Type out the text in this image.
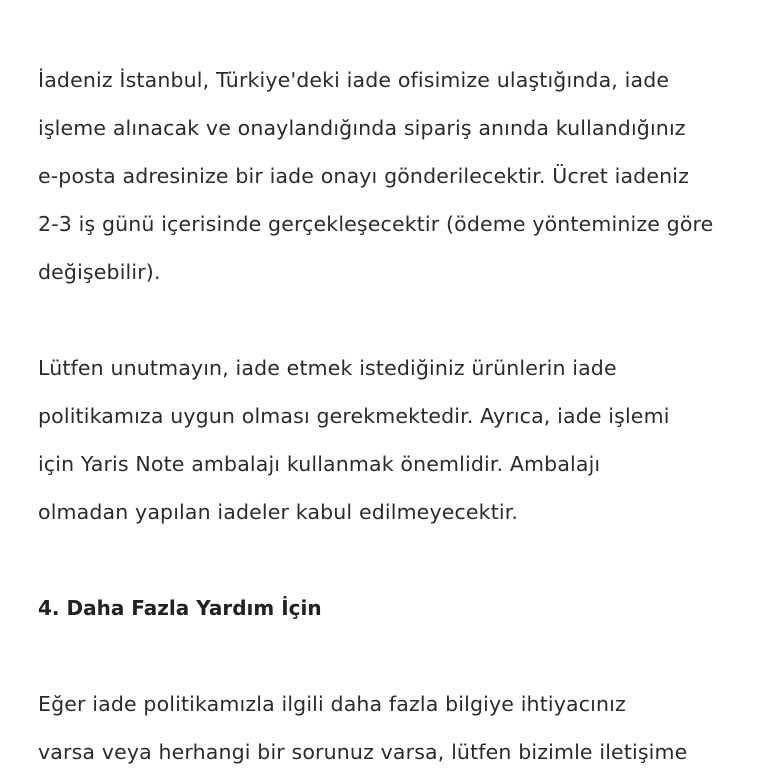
İadeniz İstanbul, Türkiye'deki iade ofisimize ulaştığında, iade
işleme alınacak ve onaylandığında sipariş anında kullandığınız
e-posta adresinize bir iade onayı gönderilecektir. Ücret iadeniz
2-3 iş günü içerisinde gerçekleşecektir (ödeme yönteminize göre
değişebilir).
Lütfen unutmayın, iade etmek istediğiniz ürünlerin iade
politikamıza uygun olması gerekmektedir. Ayrıca, iade işlemi
için Yaris Note ambalajı kullanmak önemlidir. Ambalajı
olmadan yapılan iadeler kabul edilmeyecektir.
4. Daha Fazla Yardım İçin
Eğer iade politikamızla ilgili daha fazla bilgiye ihtiyacınız
varsa veya herhangi bir sorunuz varsa, lütfen bizimle iletişime
